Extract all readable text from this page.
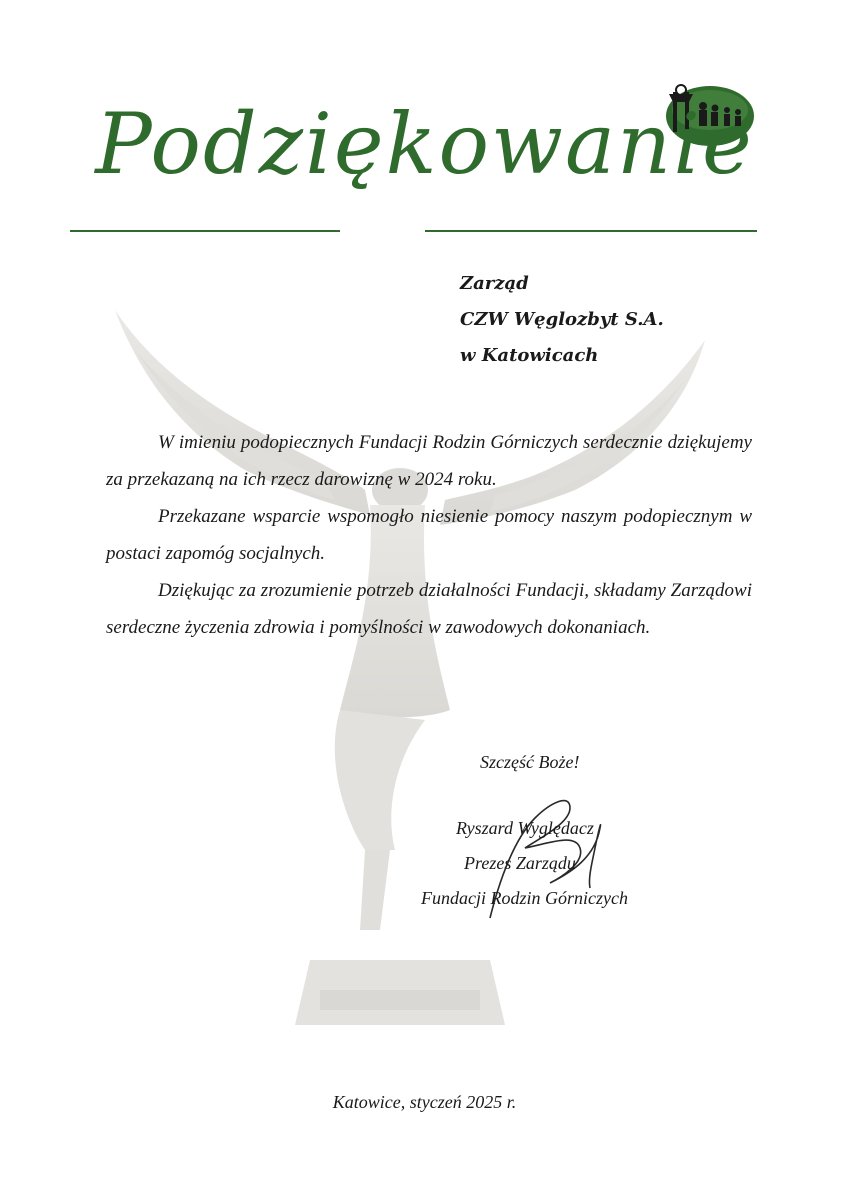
Podziękowanie
Zarząd
CZW Węglozbyt S.A.
w Katowicach

W imieniu podopiecznych Fundacji Rodzin Górniczych serdecznie dziękujemy za przekazaną na ich rzecz darowiznę w 2024 roku.

Przekazane wsparcie wspomogło niesienie pomocy naszym podopiecznym w postaci zapomóg socjalnych.

Dziękując za zrozumienie potrzeb działalności Fundacji, składamy Zarządowi serdeczne życzenia zdrowia i pomyślności w zawodowych dokonaniach.

Szczęść Boże!
Ryszard Wyględacz
Prezes Zarządu
Fundacji Rodzin Górniczych
Katowice, styczeń 2025 r.
